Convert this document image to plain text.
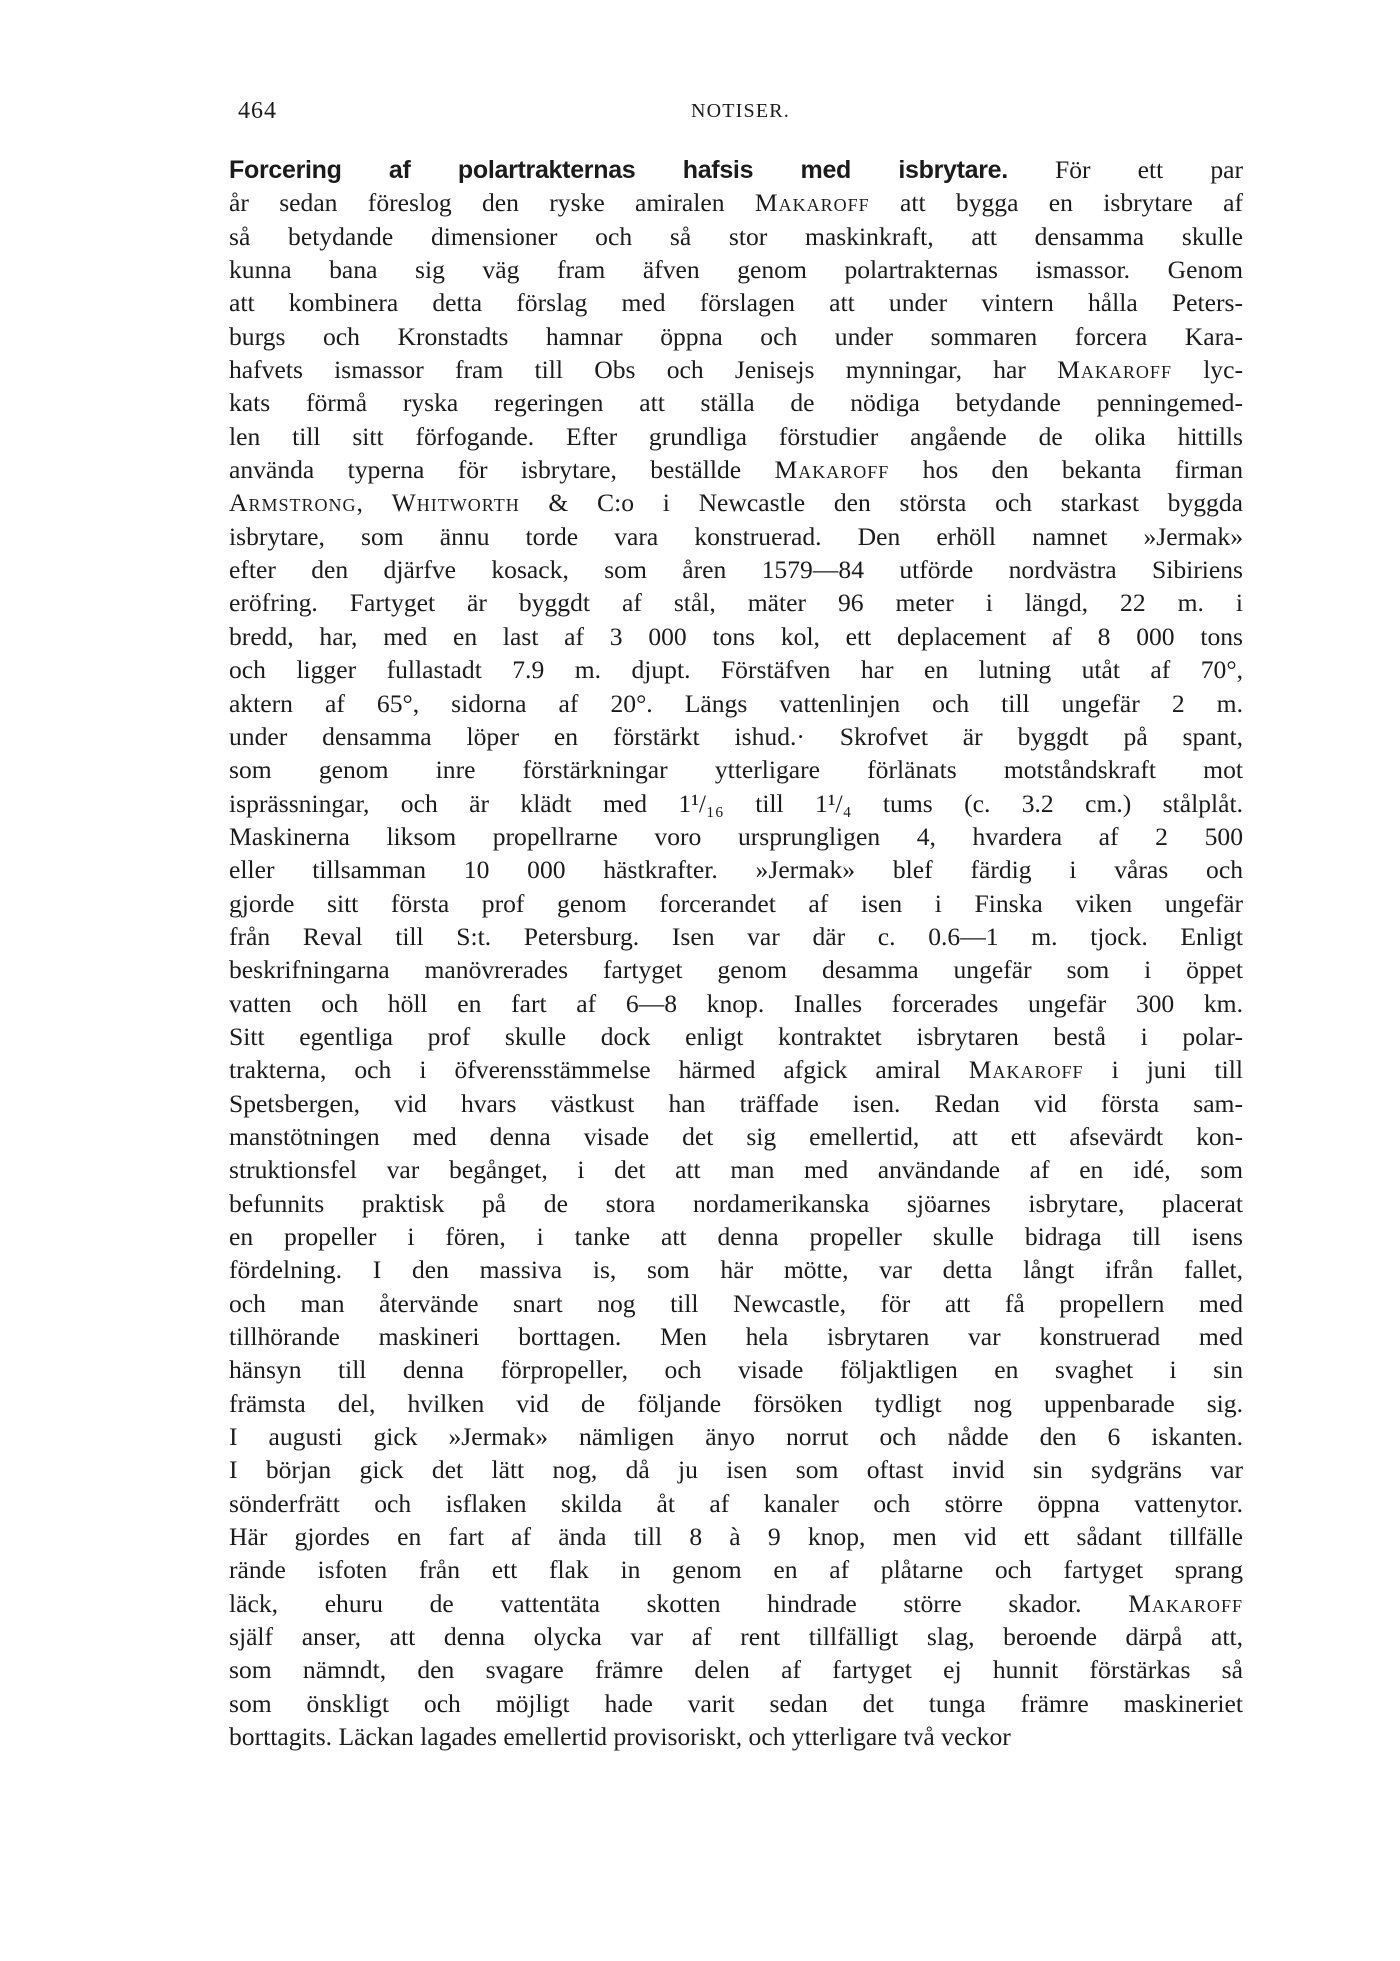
464	NOTISER.
Forcering af polartrakternas hafsis med isbrytare. För ett par
år sedan föreslog den ryske amiralen Makaroff att bygga en isbrytare af
så betydande dimensioner och så stor maskinkraft, att densamma skulle
kunna bana sig väg fram äfven genom polartrakternas ismassor. Genom
att kombinera detta förslag med förslagen att under vintern hålla Peters-
burgs och Kronstadts hamnar öppna och under sommaren forcera Kara-
hafvets ismassor fram till Obs och Jenisejs mynningar, har Makaroff lyc-
kats förmå ryska regeringen att ställa de nödiga betydande penningemed-
len till sitt förfogande. Efter grundliga förstudier angående de olika hittills
använda typerna för isbrytare, beställde Makaroff hos den bekanta firman
Armstrong, Whitworth & C:o i Newcastle den största och starkast byggda
isbrytare, som ännu torde vara konstruerad. Den erhöll namnet »Jermak»
efter den djärfve kosack, som åren 1579—84 utförde nordvästra Sibiriens
eröfring. Fartyget är byggdt af stål, mäter 96 meter i längd, 22 m. i
bredd, har, med en last af 3 000 tons kol, ett deplacement af 8 000 tons
och ligger fullastadt 7.9 m. djupt. Förstäfven har en lutning utåt af 70°,
aktern af 65°, sidorna af 20°. Längs vattenlinjen och till ungefär 2 m.
under densamma löper en förstärkt ishud.· Skrofvet är byggdt på spant,
som genom inre förstärkningar ytterligare förlänats motståndskraft mot
isprässningar, och är klädt med 1¹/₁₆ till 1¹/₄ tums (c. 3.2 cm.) stålplåt.
Maskinerna liksom propellrarne voro ursprungligen 4, hvardera af 2 500
eller tillsamman 10 000 hästkrafter. »Jermak» blef färdig i våras och
gjorde sitt första prof genom forcerandet af isen i Finska viken ungefär
från Reval till S:t. Petersburg. Isen var där c. 0.6—1 m. tjock. Enligt
beskrifningarna manövrerades fartyget genom desamma ungefär som i öppet
vatten och höll en fart af 6—8 knop. Inalles forcerades ungefär 300 km.
Sitt egentliga prof skulle dock enligt kontraktet isbrytaren bestå i polar-
trakterna, och i öfverensstämmelse härmed afgick amiral Makaroff i juni till
Spetsbergen, vid hvars västkust han träffade isen. Redan vid första sam-
manstötningen med denna visade det sig emellertid, att ett afsevärdt kon-
struktionsfel var begånget, i det att man med användande af en idé, som
befunnits praktisk på de stora nordamerikanska sjöarnes isbrytare, placerat
en propeller i fören, i tanke att denna propeller skulle bidraga till isens
fördelning. I den massiva is, som här mötte, var detta långt ifrån fallet,
och man återvände snart nog till Newcastle, för att få propellern med
tillhörande maskineri borttagen. Men hela isbrytaren var konstruerad med
hänsyn till denna förpropeller, och visade följaktligen en svaghet i sin
främsta del, hvilken vid de följande försöken tydligt nog uppenbarade sig.
I augusti gick »Jermak» nämligen änyo norrut och nådde den 6 iskanten.
I början gick det lätt nog, då ju isen som oftast invid sin sydgräns var
sönderfrätt och isflaken skilda åt af kanaler och större öppna vattenytor.
Här gjordes en fart af ända till 8 à 9 knop, men vid ett sådant tillfälle
rände isfoten från ett flak in genom en af plåtarne och fartyget sprang
läck, ehuru de vattentäta skotten hindrade större skador. Makaroff
själf anser, att denna olycka var af rent tillfälligt slag, beroende därpå att,
som nämndt, den svagare främre delen af fartyget ej hunnit förstärkas så
som önskligt och möjligt hade varit sedan det tunga främre maskineriet
borttagits. Läckan lagades emellertid provisoriskt, och ytterligare två veckor
